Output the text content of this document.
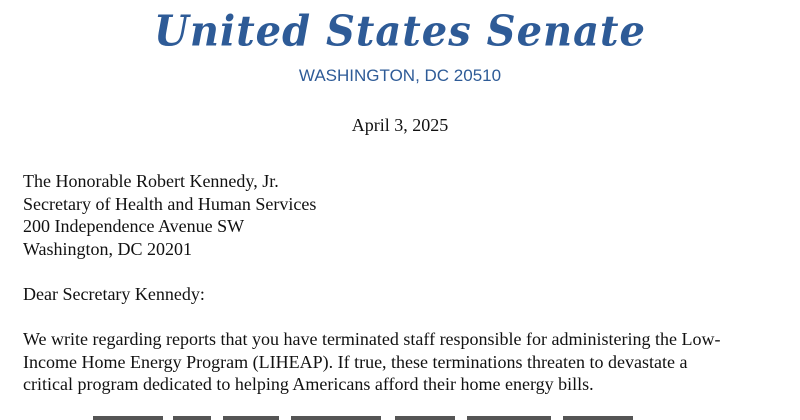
United States Senate
WASHINGTON, DC 20510
April 3, 2025
The Honorable Robert Kennedy, Jr.
Secretary of Health and Human Services
200 Independence Avenue SW
Washington, DC 20201
Dear Secretary Kennedy:
We write regarding reports that you have terminated staff responsible for administering the Low-
Income Home Energy Program (LIHEAP). If true, these terminations threaten to devastate a
critical program dedicated to helping Americans afford their home energy bills.
